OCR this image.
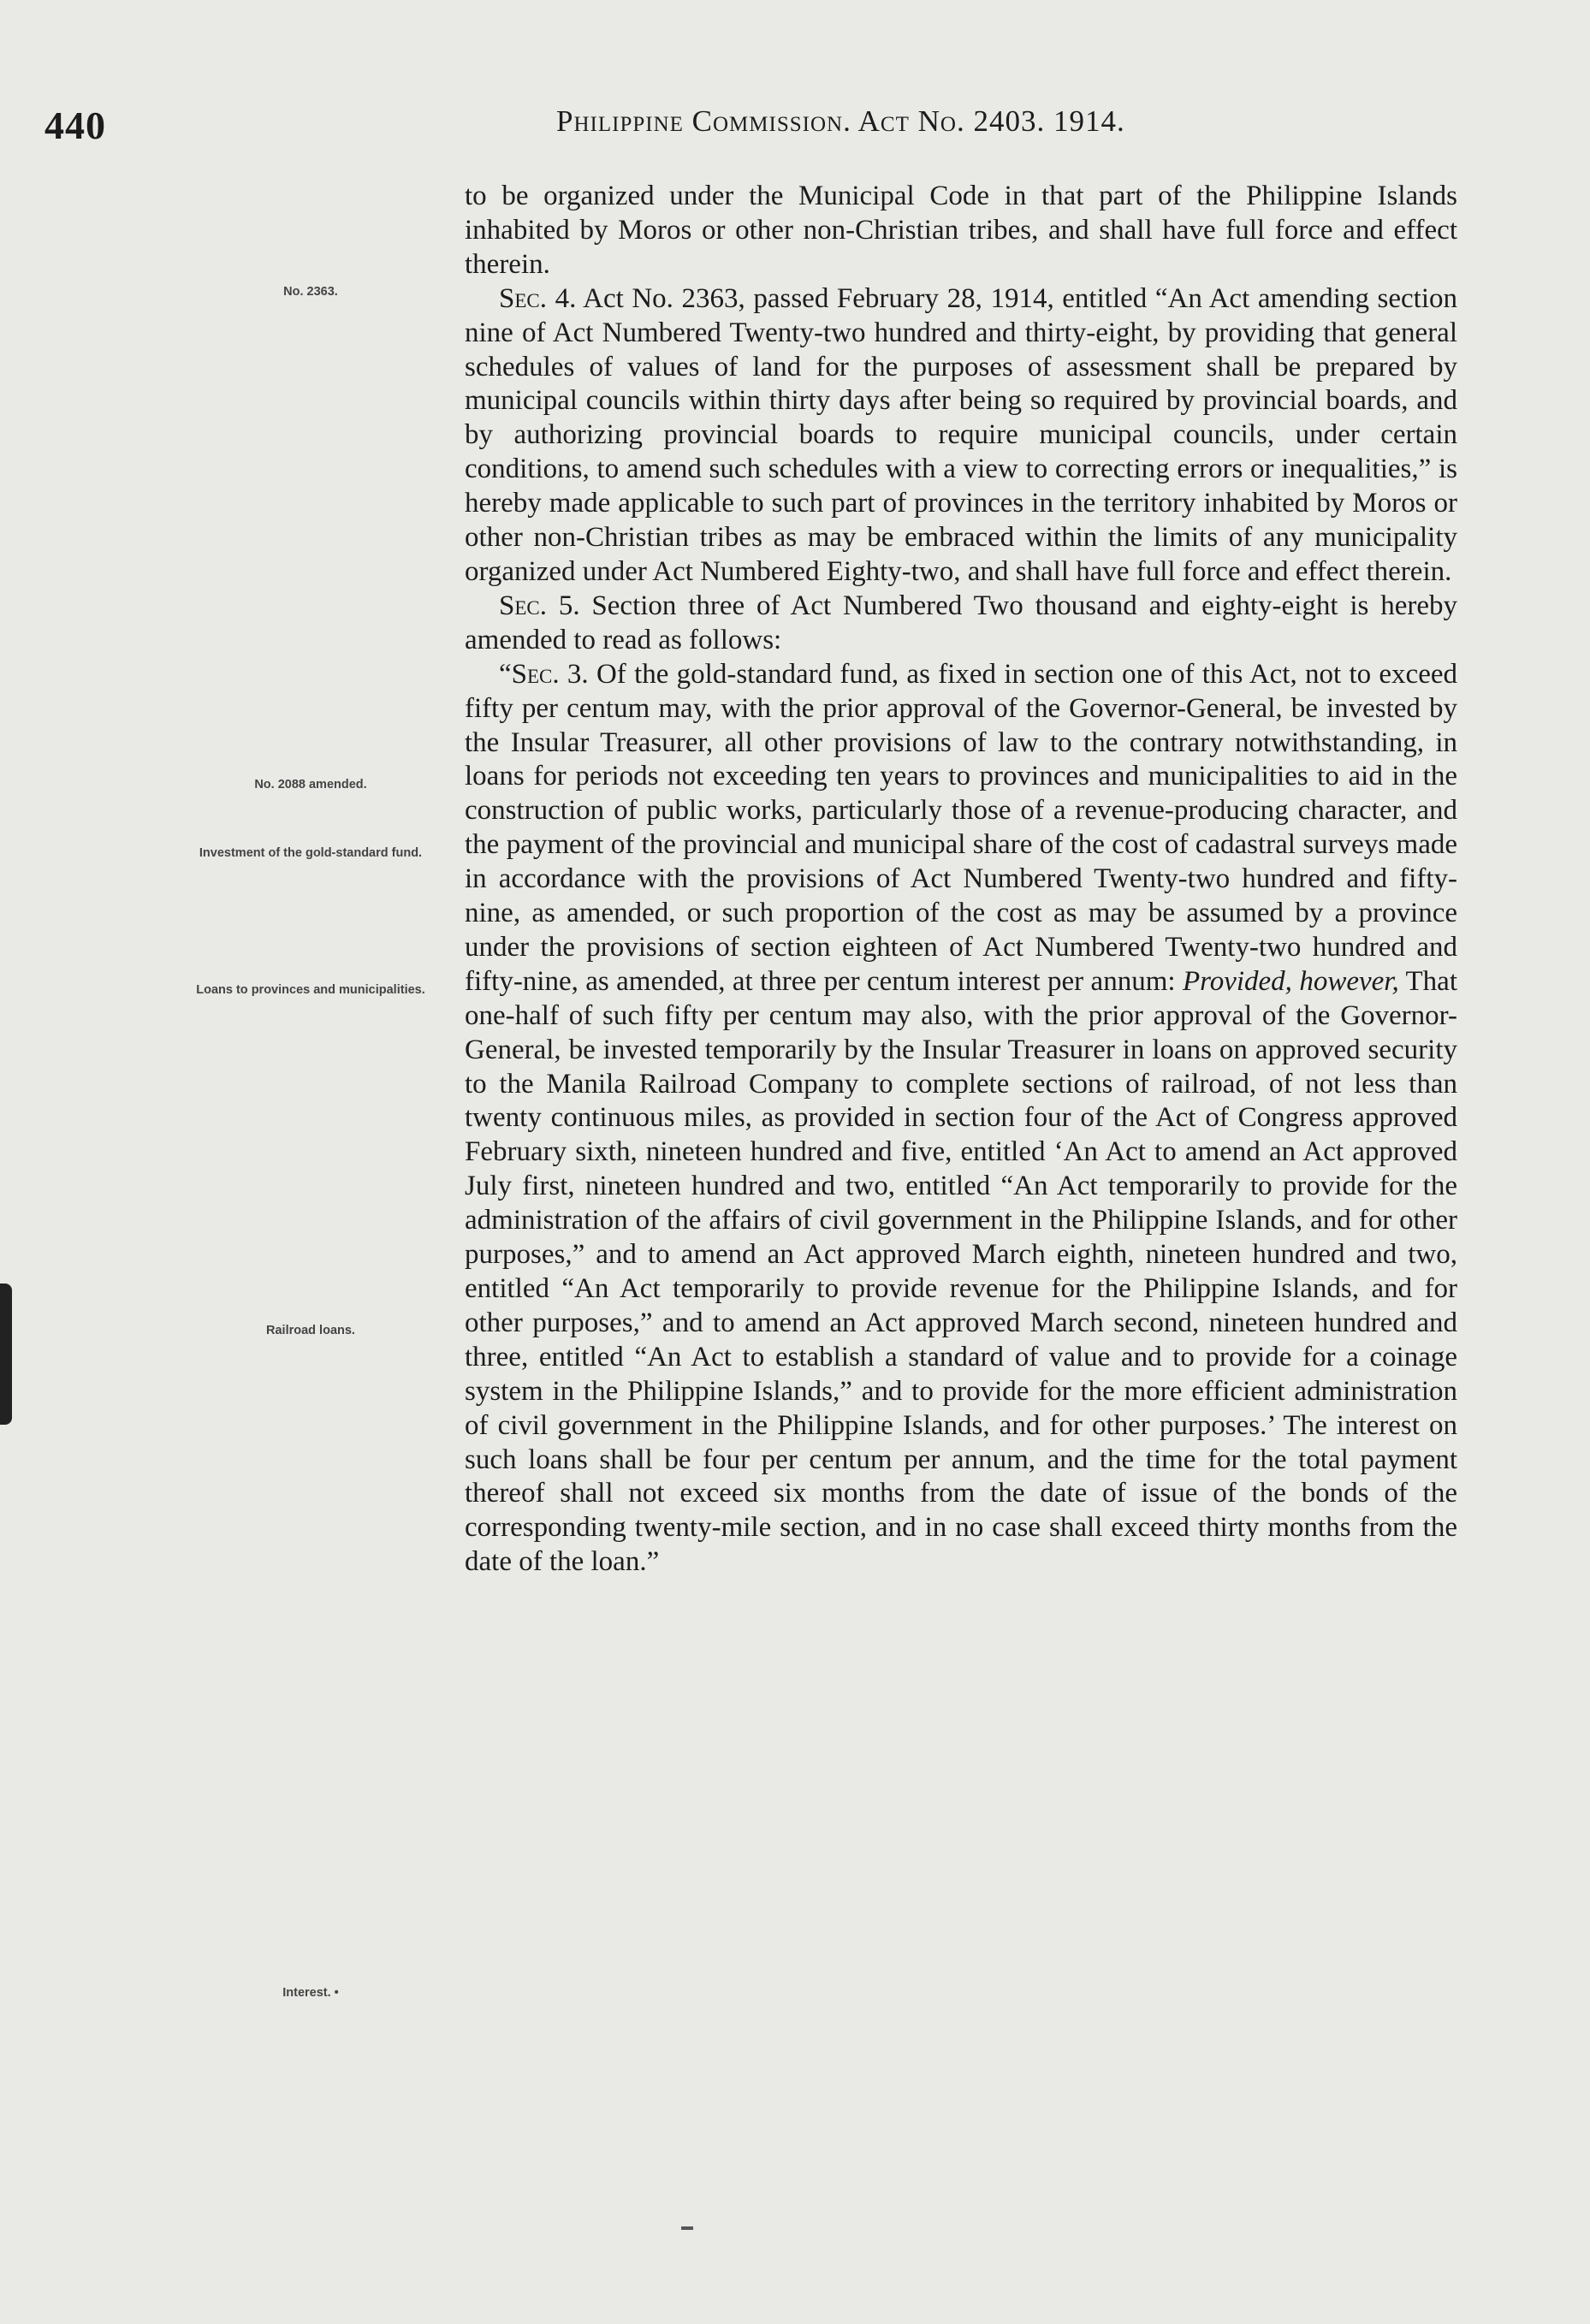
440	Philippine Commission. Act No. 2403. 1914.
No. 2363.
No. 2088 amended.
Investment of the gold-standard fund.
Loans to provinces and municipalities.
Railroad loans.
Interest. •

to be organized under the Municipal Code in that part of the Philippine Islands inhabited by Moros or other non-Christian tribes, and shall have full force and effect therein.

Sec. 4. Act No. 2363, passed February 28, 1914, entitled “An Act amending section nine of Act Numbered Twenty-two hundred and thirty-eight, by providing that general schedules of values of land for the purposes of assessment shall be prepared by municipal councils within thirty days after being so required by provincial boards, and by authorizing provincial boards to require municipal councils, under certain conditions, to amend such schedules with a view to correcting errors or inequalities,” is hereby made applicable to such part of provinces in the territory inhabited by Moros or other non-Christian tribes as may be embraced within the limits of any municipality organized under Act Numbered Eighty-two, and shall have full force and effect therein.

Sec. 5. Section three of Act Numbered Two thousand and eighty-eight is hereby amended to read as follows:

“Sec. 3. Of the gold-standard fund, as fixed in section one of this Act, not to exceed fifty per centum may, with the prior approval of the Governor-General, be invested by the Insular Treasurer, all other provisions of law to the contrary notwithstanding, in loans for periods not exceeding ten years to provinces and municipalities to aid in the construction of public works, particularly those of a revenue-producing character, and the payment of the provincial and municipal share of the cost of cadastral surveys made in accordance with the provisions of Act Numbered Twenty-two hundred and fifty-nine, as amended, or such proportion of the cost as may be assumed by a province under the provisions of section eighteen of Act Numbered Twenty-two hundred and fifty-nine, as amended, at three per centum interest per annum: Provided, however, That one-half of such fifty per centum may also, with the prior approval of the Governor-General, be invested temporarily by the Insular Treasurer in loans on approved security to the Manila Railroad Company to complete sections of railroad, of not less than twenty continuous miles, as provided in section four of the Act of Congress approved February sixth, nineteen hundred and five, entitled ‘An Act to amend an Act approved July first, nineteen hundred and two, entitled “An Act temporarily to provide for the administration of the affairs of civil government in the Philippine Islands, and for other purposes,” and to amend an Act approved March eighth, nineteen hundred and two, entitled “An Act temporarily to provide revenue for the Philippine Islands, and for other purposes,” and to amend an Act approved March second, nineteen hundred and three, entitled “An Act to establish a standard of value and to provide for a coinage system in the Philippine Islands,” and to provide for the more efficient administration of civil government in the Philippine Islands, and for other purposes.’ The interest on such loans shall be four per centum per annum, and the time for the total payment thereof shall not exceed six months from the date of issue of the bonds of the corresponding twenty-mile section, and in no case shall exceed thirty months from the date of the loan.”
